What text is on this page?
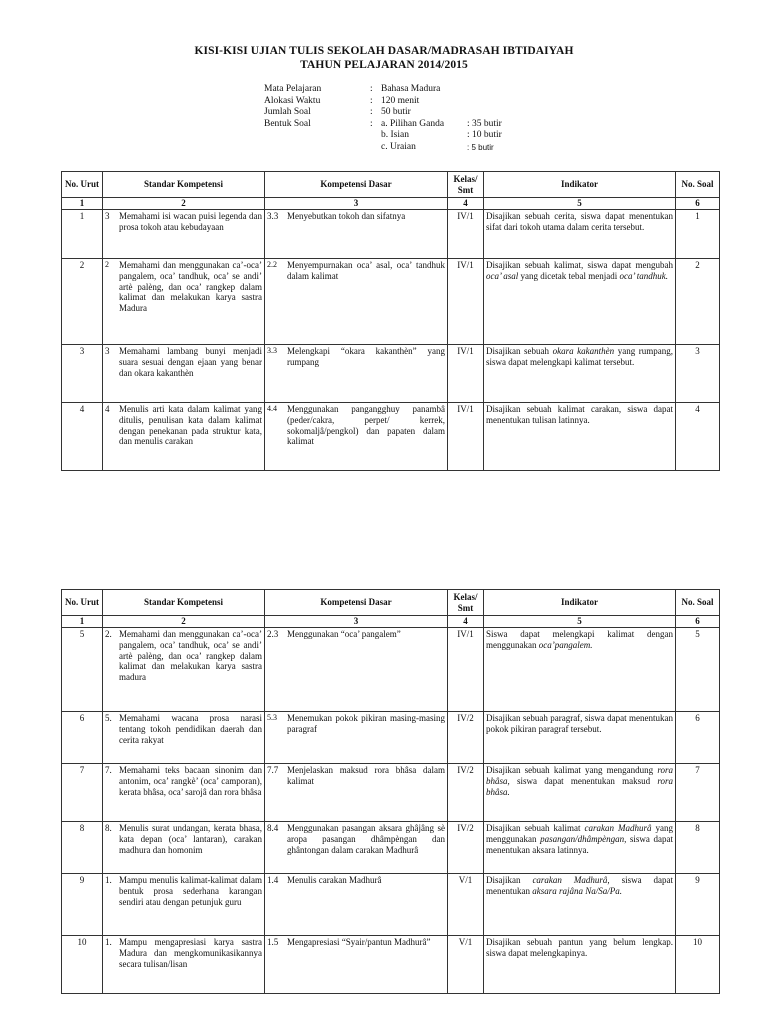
KISI-KISI UJIAN TULIS SEKOLAH DASAR/MADRASAH IBTIDAIYAH
TAHUN PELAJARAN 2014/2015
Mata Pelajaran	: Bahasa Madura
Alokasi Waktu	: 120 menit
Jumlah Soal	: 50 butir
Bentuk Soal	: a. Pilihan Ganda	: 35 butir
b. Isian	: 10 butir
c. Uraian	: 5 butir
No. Urut	Standar Kompetensi	Kompetensi Dasar	Kelas/ Smt	Indikator	No. Soal
1	2	3	4	5	6
1	3 Memahami isi wacan puisi legenda dan prosa tokoh atau kebudayaan	3.3 Menyebutkan tokoh dan sifatnya	IV/1	Disajikan sebuah cerita, siswa dapat menentukan sifat dari tokoh utama dalam cerita tersebut.	1
2	2 Memahami dan menggunakan ca’-oca’ pangalem, oca’ tandhuk, oca’ se andi’ artè palèng, dan oca’ rangkep dalam kalimat dan melakukan karya sastra Madura	2.2 Menyempurnakan oca’ asal, oca’ tandhuk dalam kalimat	IV/1	Disajikan sebuah kalimat, siswa dapat mengubah oca’ asal yang dicetak tebal menjadi oca’ tandhuk.	2
3	3 Memahami lambang bunyi menjadi suara sesuai dengan ejaan yang benar dan okara kakanthèn	3.3 Melengkapi “okara kakanthèn” yang rumpang	IV/1	Disajikan sebuah okara kakanthèn yang rumpang, siswa dapat melengkapi kalimat tersebut.	3
4	4 Menulis arti kata dalam kalimat yang ditulis, penulisan kata dalam kalimat dengan penekanan pada struktur kata, dan menulis carakan	4.4 Menggunakan pangangghuy panambâ (peder/cakra, perpet/ kerrek, sokomaljâ/pengkol) dan papaten dalam kalimat	IV/1	Disajikan sebuah kalimat carakan, siswa dapat menentukan tulisan latinnya.	4
No. Urut	Standar Kompetensi	Kompetensi Dasar	Kelas/ Smt	Indikator	No. Soal
1	2	3	4	5	6
5	2. Memahami dan menggunakan ca’-oca’ pangalem, oca’ tandhuk, oca’ se andi’ artè palèng, dan oca’ rangkep dalam kalimat dan melakukan karya sastra madura	2.3 Menggunakan “oca’ pangalem”	IV/1	Siswa dapat melengkapi kalimat dengan menggunakan oca’pangalem.	5
6	5. Memahami wacana prosa narasi tentang tokoh pendidikan daerah dan cerita rakyat	5.3 Menemukan pokok pikiran masing-masing paragraf	IV/2	Disajikan sebuah paragraf, siswa dapat menentukan pokok pikiran paragraf tersebut.	6
7	7. Memahami teks bacaan sinonim dan antonim, oca’ rangkè’ (oca’ camporan), kerata bhâsa, oca’ sarojâ dan rora bhâsa	7.7 Menjelaskan maksud rora bhâsa dalam kalimat	IV/2	Disajikan sebuah kalimat yang mengandung rora bhâsa, siswa dapat menentukan maksud rora bhâsa.	7
8	8. Menulis surat undangan, kerata bhasa, kata depan (oca’ lantaran), carakan madhura dan homonim	8.4 Menggunakan pasangan aksara ghâjâng sè aropa pasangan dhâmpèngan dan ghântongan dalam carakan Madhurâ	IV/2	Disajikan sebuah kalimat carakan Madhurâ yang menggunakan pasangan/dhâmpèngan, siswa dapat menentukan aksara latinnya.	8
9	1. Mampu menulis kalimat-kalimat dalam bentuk prosa sederhana karangan sendiri atau dengan petunjuk guru	1.4 Menulis carakan Madhurâ	V/1	Disajikan carakan Madhurâ, siswa dapat menentukan aksara rajâna Na/Sa/Pa.	9
10	1. Mampu mengapresiasi karya sastra Madura dan mengkomunikasikannya secara tulisan/lisan	1.5 Mengapresiasi “Syair/pantun Madhurâ”	V/1	Disajikan sebuah pantun yang belum lengkap. siswa dapat melengkapinya.	10
